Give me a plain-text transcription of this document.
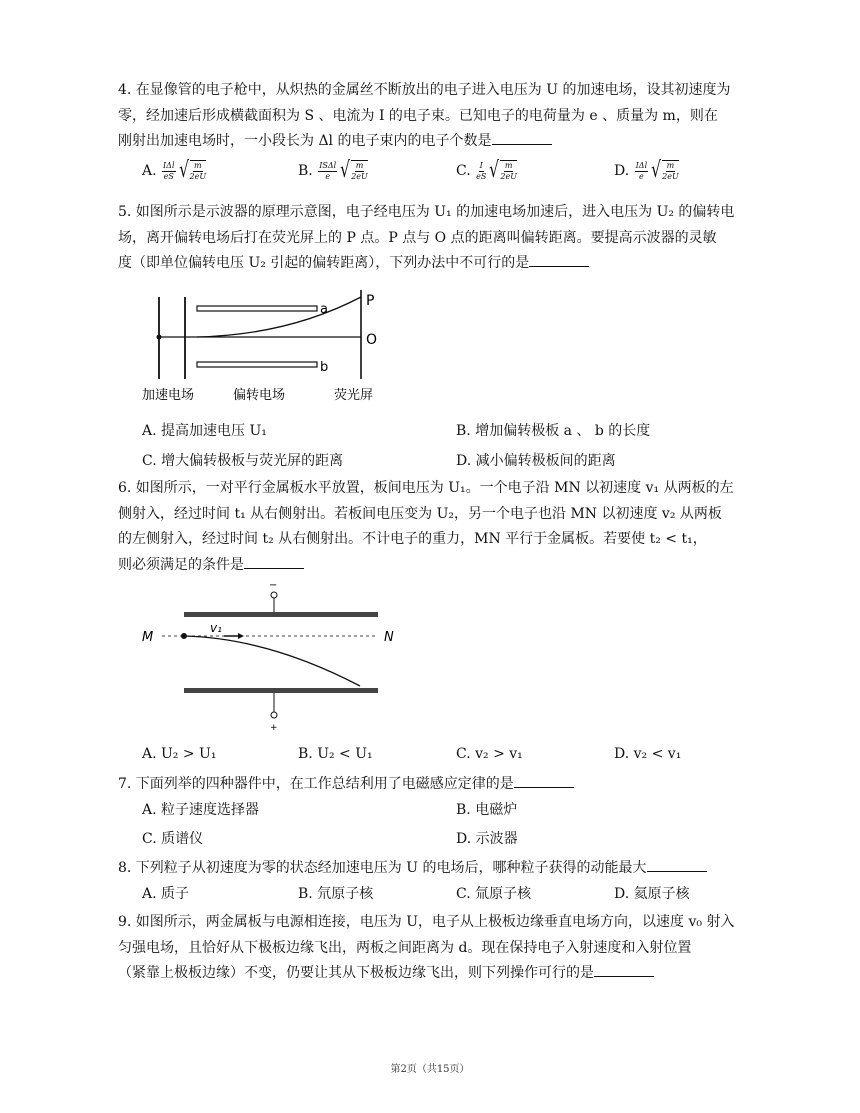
4. 在显像管的电子枪中，从炽热的金属丝不断放出的电子进入电压为 U 的加速电场，设其初速度为
零，经加速后形成横截面积为 S 、电流为 I 的电子束。已知电子的电荷量为 e 、质量为 m，则在
刚射出加速电场时，一小段长为 Δl 的电子束内的电子个数是
A. $\frac{\text{IΔl}}{eS}$ √ $\frac{m}{2eU}$	B. $\frac{\text{ISΔl}}{e}$ √ $\frac{m}{2eU}$	C. $\frac{I}{eS}$ √ $\frac{m}{2eU}$	D. $\frac{\text{IΔl}}{e}$ √ $\frac{m}{2eU}$
5. 如图所示是示波器的原理示意图，电子经电压为 U₁ 的加速电场加速后，进入电压为 U₂ 的偏转电
场，离开偏转电场后打在荧光屏上的 P 点。P 点与 O 点的距离叫偏转距离。要提高示波器的灵敏
度（即单位偏转电压 U₂ 引起的偏转距离），下列办法中不可行的是
a
b
P
O
加速电场	偏转电场	荧光屏
A. 提高加速电压 U₁	B. 增加偏转极板 a 、 b 的长度
C. 增大偏转极板与荧光屏的距离	D. 减小偏转极板间的距离
6. 如图所示，一对平行金属板水平放置，板间电压为 U₁。一个电子沿 MN 以初速度 v₁ 从两板的左
侧射入，经过时间 t₁ 从右侧射出。若板间电压变为 U₂，另一个电子也沿 MN 以初速度 v₂ 从两板
的左侧射入，经过时间 t₂ 从右侧射出。不计电子的重力，MN 平行于金属板。若要使 t₂ < t₁，
则必须满足的条件是
−
+
M	N
v₁
A. U₂ > U₁	B. U₂ < U₁	C. v₂ > v₁	D. v₂ < v₁
7. 下面列举的四种器件中，在工作总结利用了电磁感应定律的是
A. 粒子速度选择器	B. 电磁炉
C. 质谱仪	D. 示波器
8. 下列粒子从初速度为零的状态经加速电压为 U 的电场后，哪种粒子获得的动能最大
A. 质子	B. 氘原子核	C. 氚原子核	D. 氦原子核
9. 如图所示，两金属板与电源相连接，电压为 U，电子从上极板边缘垂直电场方向，以速度 v₀ 射入
匀强电场，且恰好从下极板边缘飞出，两板之间距离为 d。现在保持电子入射速度和入射位置
（紧靠上极板边缘）不变，仍要让其从下极板边缘飞出，则下列操作可行的是
第2页（共15页）
